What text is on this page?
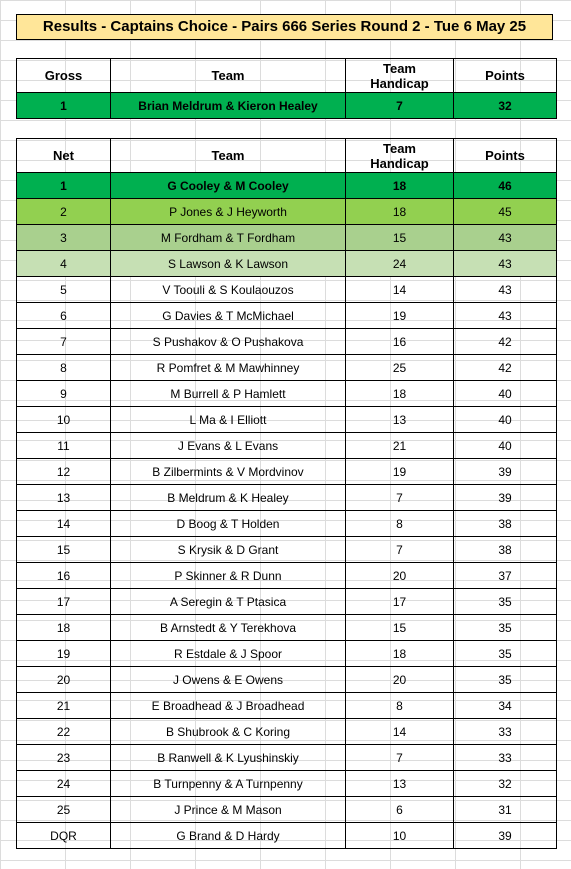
Results - Captains Choice - Pairs 666 Series Round 2 - Tue 6 May 25
Gross	Team	Team Handicap	Points
1	Brian Meldrum & Kieron Healey	7	32
Net	Team	Team Handicap	Points
1	G Cooley & M Cooley	18	46
2	P Jones & J Heyworth	18	45
3	M Fordham & T Fordham	15	43
4	S Lawson & K Lawson	24	43
5	V Toouli & S Koulaouzos	14	43
6	G Davies & T McMichael	19	43
7	S Pushakov & O Pushakova	16	42
8	R Pomfret & M Mawhinney	25	42
9	M Burrell & P Hamlett	18	40
10	L Ma & I Elliott	13	40
11	J Evans & L Evans	21	40
12	B Zilbermints & V Mordvinov	19	39
13	B Meldrum & K Healey	7	39
14	D Boog & T Holden	8	38
15	S Krysik & D Grant	7	38
16	P Skinner & R Dunn	20	37
17	A Seregin & T Ptasica	17	35
18	B Arnstedt & Y Terekhova	15	35
19	R Estdale & J Spoor	18	35
20	J Owens & E Owens	20	35
21	E Broadhead & J Broadhead	8	34
22	B Shubrook & C Koring	14	33
23	B Ranwell & K Lyushinskiy	7	33
24	B Turnpenny & A Turnpenny	13	32
25	J Prince & M Mason	6	31
DQR	G Brand & D Hardy	10	39
